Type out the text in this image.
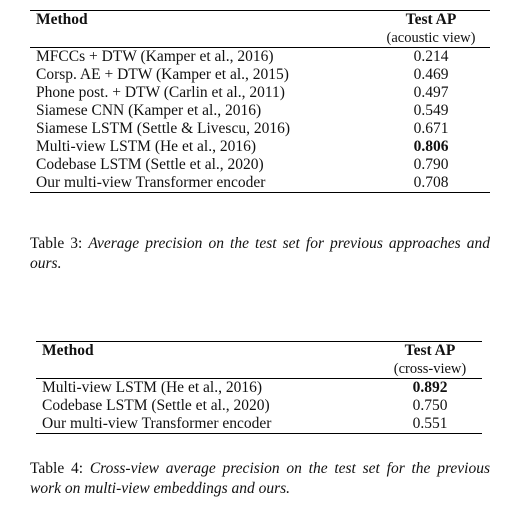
Method	Test AP
	(acoustic view)
MFCCs + DTW (Kamper et al., 2016)	0.214
Corsp. AE + DTW (Kamper et al., 2015)	0.469
Phone post. + DTW (Carlin et al., 2011)	0.497
Siamese CNN (Kamper et al., 2016)	0.549
Siamese LSTM (Settle & Livescu, 2016)	0.671
Multi-view LSTM (He et al., 2016)	0.806
Codebase LSTM (Settle et al., 2020)	0.790
Our multi-view Transformer encoder	0.708
Table 3: Average precision on the test set for previous approaches and ours.
Method	Test AP
	(cross-view)
Multi-view LSTM (He et al., 2016)	0.892
Codebase LSTM (Settle et al., 2020)	0.750
Our multi-view Transformer encoder	0.551
Table 4: Cross-view average precision on the test set for the previous work on multi-view embeddings and ours.
